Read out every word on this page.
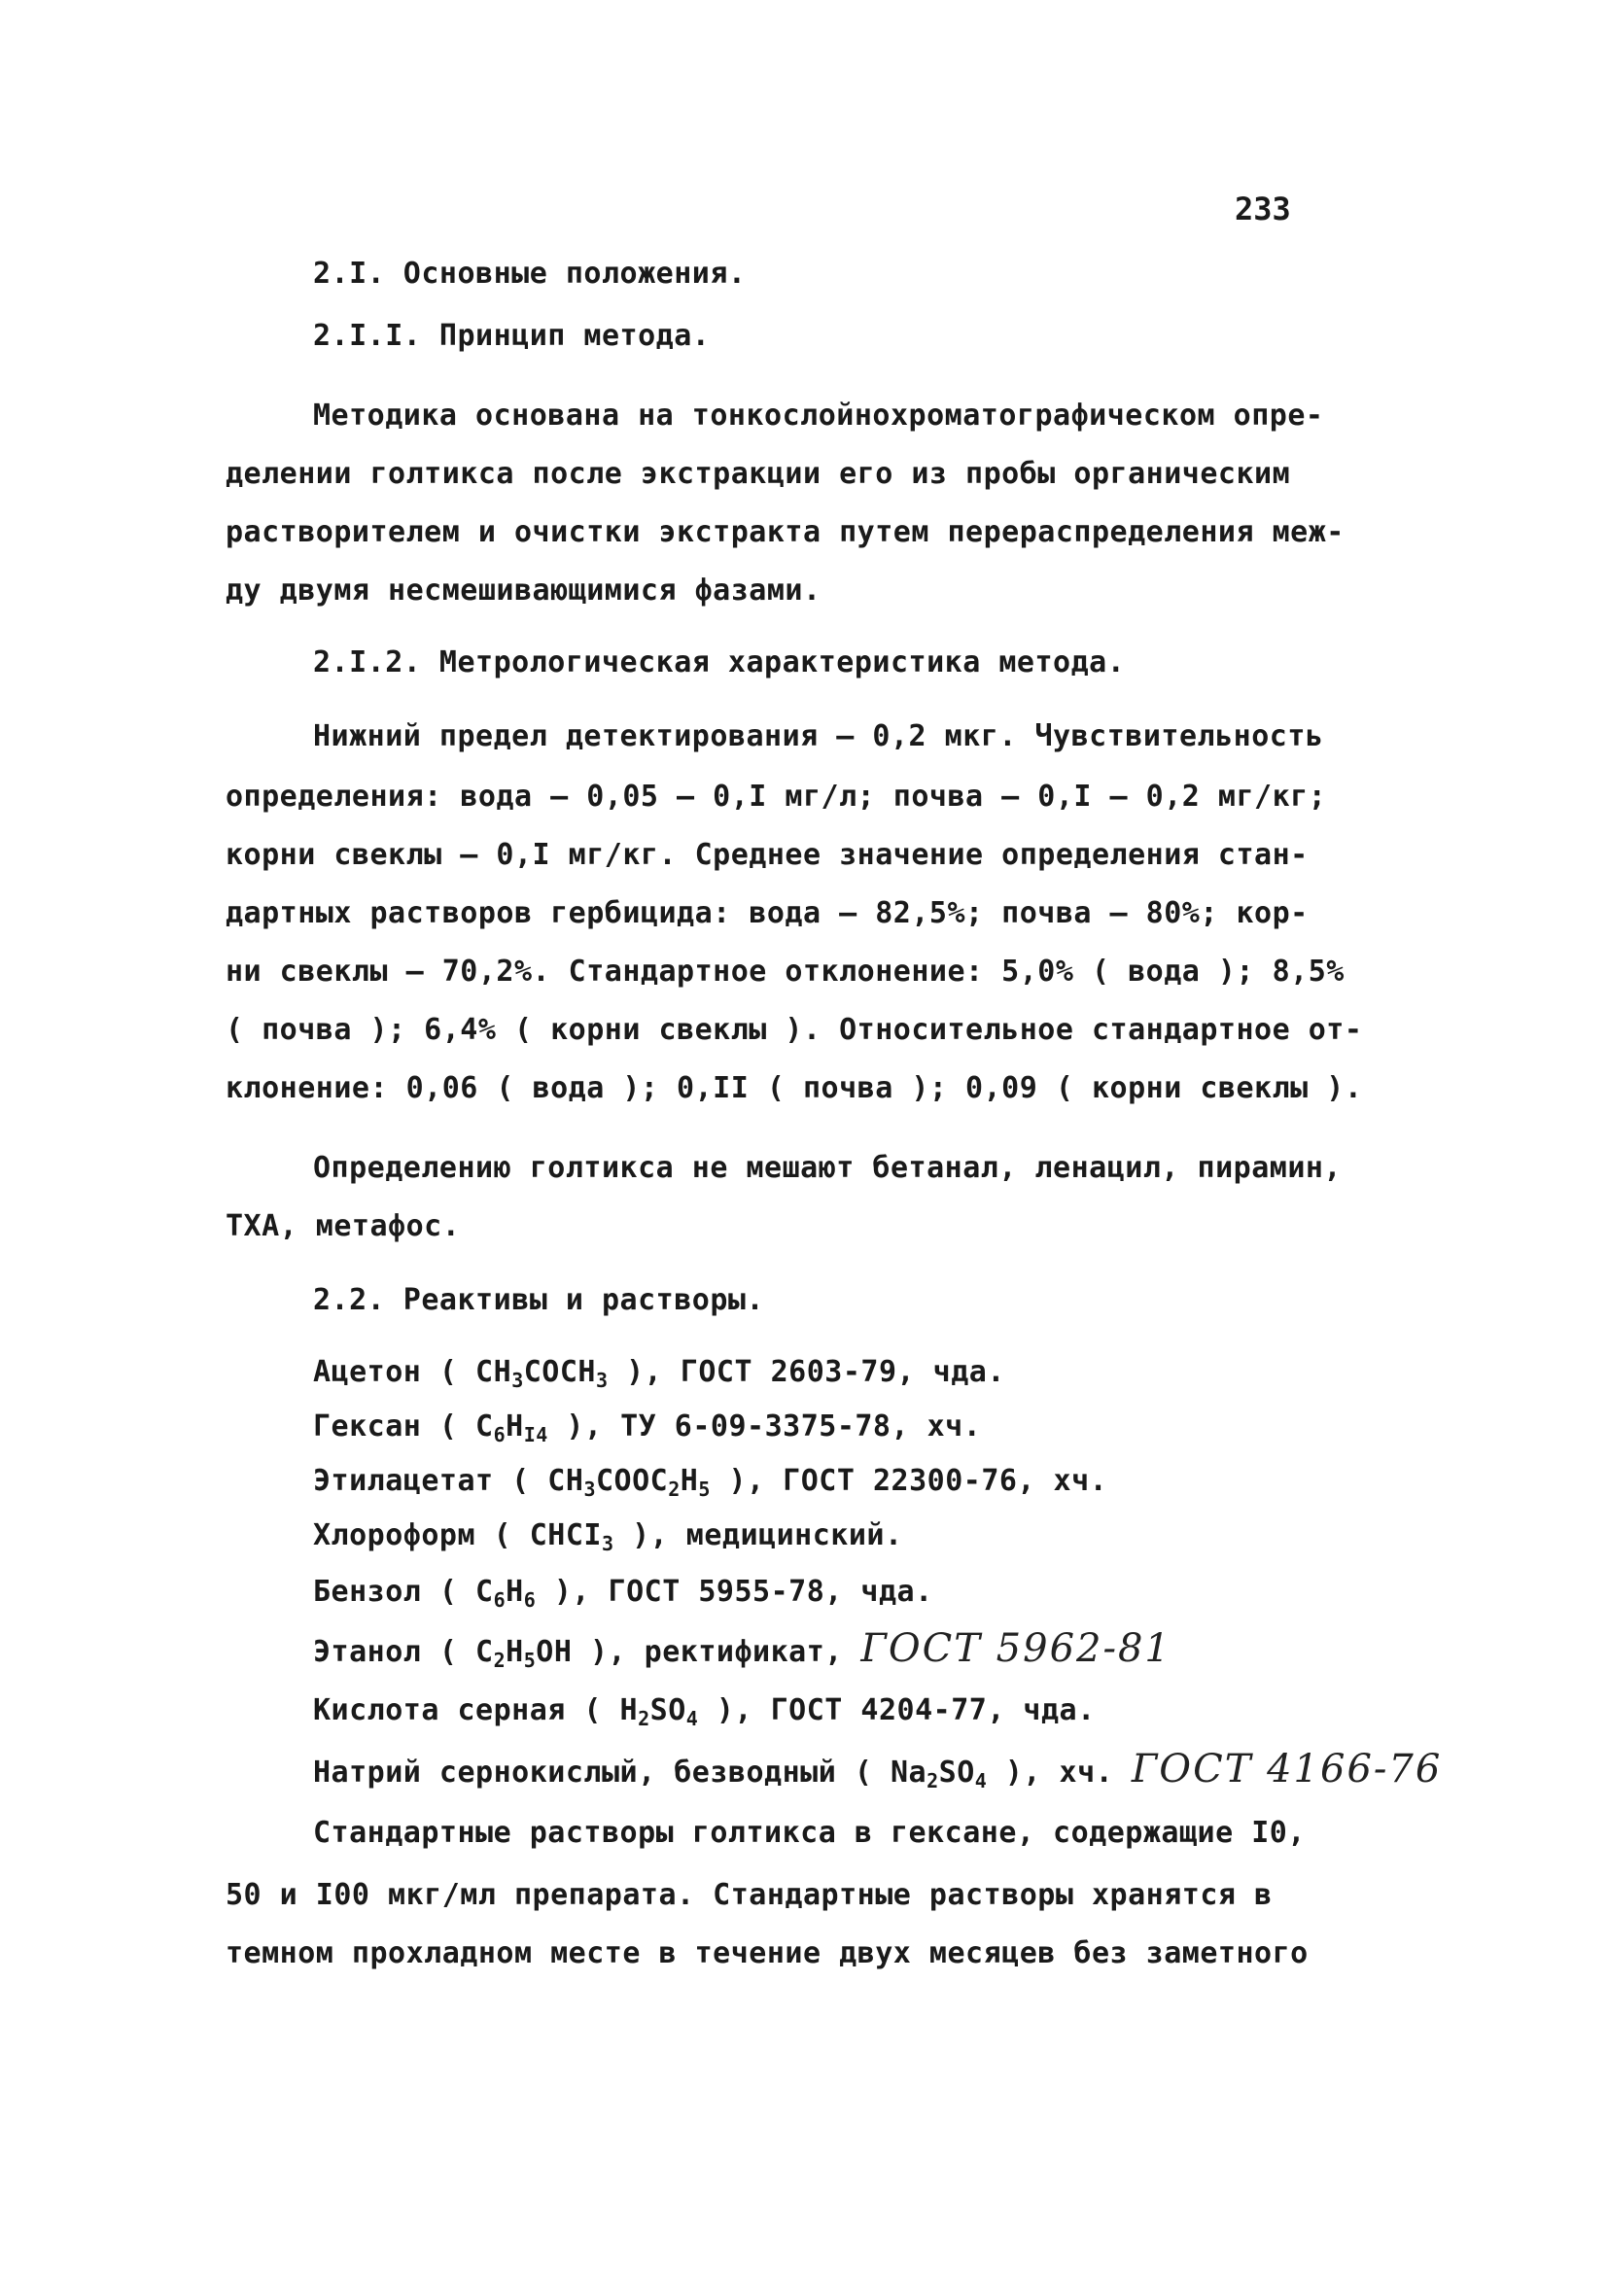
233
2.I. Основные положения.
2.I.I. Принцип метода.
Методика основана на тонкослойнохроматографическом опре-
делении голтикса после экстракции его из пробы органическим
растворителем и очистки экстракта путем перераспределения меж-
ду двумя несмешивающимися фазами.
2.I.2. Метрологическая характеристика метода.
Нижний предел детектирования – 0,2 мкг. Чувствительность
определения: вода – 0,05 – 0,I мг/л; почва – 0,I – 0,2 мг/кг;
корни свеклы – 0,I мг/кг. Среднее значение определения стан-
дартных растворов гербицида: вода – 82,5%; почва – 80%; кор-
ни свеклы – 70,2%. Стандартное отклонение: 5,0% ( вода ); 8,5%
( почва ); 6,4% ( корни свеклы ). Относительное стандартное от-
клонение: 0,06 ( вода ); 0,II ( почва ); 0,09 ( корни свеклы ).
Определению голтикса не мешают бетанал, ленацил, пирамин,
ТХА, метафос.
2.2. Реактивы и растворы.
Ацетон ( $CH_3COCH_3$ ), ГОСТ 2603-79, чда.
Гексан ( $C_6H_{I4}$ ), ТУ 6-09-3375-78, хч.
Этилацетат ( $CH_3COOC_2H_5$ ), ГОСТ 22300-76, хч.
Хлороформ ( $CHCI_3$ ), медицинский.
Бензол ( $C_6H_6$ ), ГОСТ 5955-78, чда.
Этанол ( $C_2H_5OH$ ), ректификат, ГОСТ 5962-81
Кислота серная ( $H_2SO_4$ ), ГОСТ 4204-77, чда.
Натрий сернокислый, безводный ( $Na_2SO_4$ ), хч. ГОСТ 4166-76
Стандартные растворы голтикса в гексане, содержащие I0,
50 и I00 мкг/мл препарата. Стандартные растворы хранятся в
темном прохладном месте в течение двух месяцев без заметного
